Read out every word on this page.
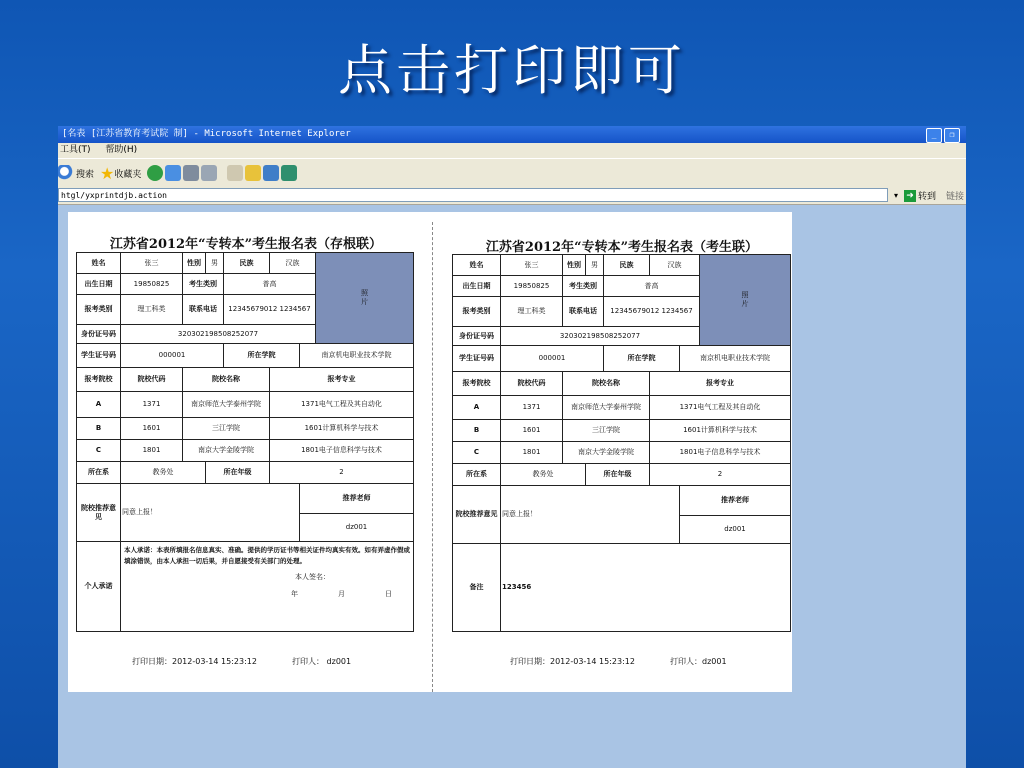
点击打印即可
[名表 [江苏省教育考试院 制] - Microsoft Internet Explorer	_	❐
工具(T) 帮助(H)
搜索 ★ 收藏夹
htgl/yxprintdjb.action	▾ ➜ 转到 链接
江苏省2012年“专转本”考生报名表（存根联）
姓名	张三	性别	男	民族	汉族		照
片
出生日期	19850825	考生类别		普高			
报考类别	理工科类	联系电话		12345679012 1234567			
身份证号码	320302198508252077						
学生证号码	000001			所在学院		南京机电职业技术学院	
报考院校	院校代码	院校名称			报考专业		
A	1371	南京师范大学泰州学院			1371电气工程及其自动化		
B	1601	三江学院			1601计算机科学与技术		
C	1801	南京大学金陵学院			1801电子信息科学与技术		
所在系	教务处		所在年级		2		
院校推荐意见	同意上报！					推荐老师	
						dz001	
个人承诺	本人承诺：本表所填报名信息真实、准确。提供的学历证书等相关证件均真实有效。如有弄虚作假或填涂错误，由本人承担一切后果，并自愿接受有关部门的处理。
本人签名：
年 月 日						
打印日期：2012-03-14 15:23:12	打印人： dz001
江苏省2012年“专转本”考生报名表（考生联）
姓名	张三	性别	男	民族	汉族		照
片
出生日期	19850825	考生类别		普高			
报考类别	理工科类	联系电话		12345679012 1234567			
身份证号码	320302198508252077						
学生证号码	000001			所在学院		南京机电职业技术学院	
报考院校	院校代码	院校名称			报考专业		
A	1371	南京师范大学泰州学院			1371电气工程及其自动化		
B	1601	三江学院			1601计算机科学与技术		
C	1801	南京大学金陵学院			1801电子信息科学与技术		
所在系	教务处		所在年级		2		
院校推荐意见	同意上报！					推荐老师	
						dz001	
备注	123456						
打印日期：2012-03-14 15:23:12	打印人：dz001
